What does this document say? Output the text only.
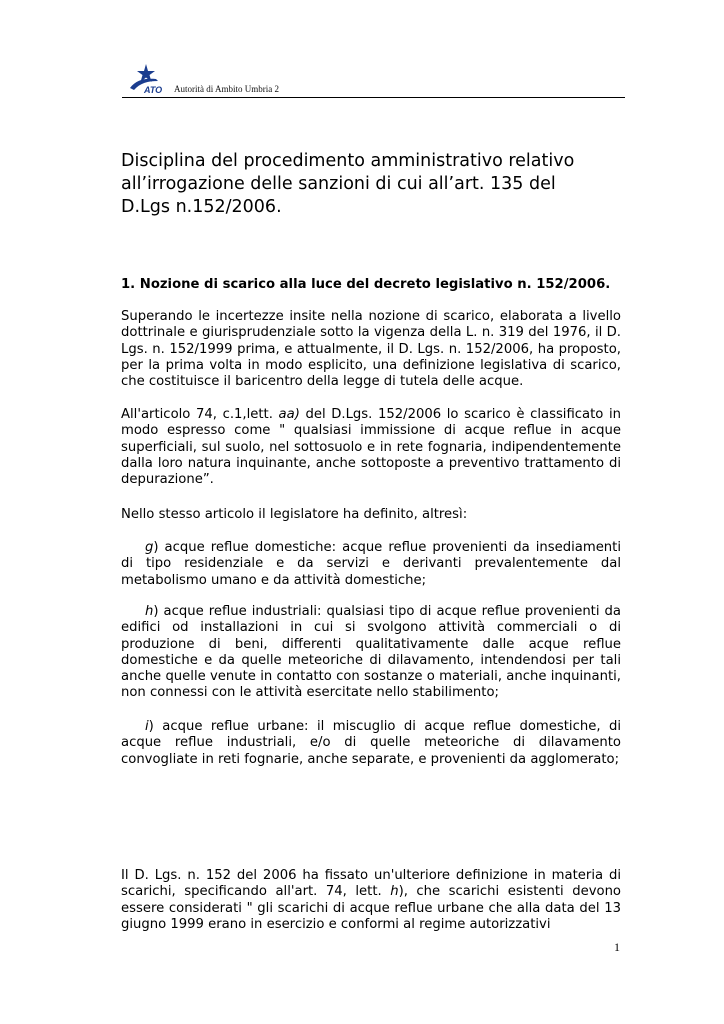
ATO Autorità di Ambito Umbria 2
Disciplina del procedimento amministrativo relativo all’irrogazione delle sanzioni di cui all’art. 135 del D.Lgs n.152/2006.
1. Nozione di scarico alla luce del decreto legislativo n. 152/2006.

Superando le incertezze insite nella nozione di scarico, elaborata a livello dottrinale e giurisprudenziale sotto la vigenza della L. n. 319 del 1976, il D. Lgs. n. 152/1999 prima, e attualmente, il D. Lgs. n. 152/2006, ha proposto, per la prima volta in modo esplicito, una definizione legislativa di scarico, che costituisce il baricentro della legge di tutela delle acque.

All'articolo 74, c.1,lett. aa) del D.Lgs. 152/2006 lo scarico è classificato in modo espresso come " qualsiasi immissione di acque reflue in acque superficiali, sul suolo, nel sottosuolo e in rete fognaria, indipendentemente dalla loro natura inquinante, anche sottoposte a preventivo trattamento di depurazione”.

Nello stesso articolo il legislatore ha definito, altresì:

g) acque reflue domestiche: acque reflue provenienti da insediamenti di tipo residenziale e da servizi e derivanti prevalentemente dal metabolismo umano e da attività domestiche;

h) acque reflue industriali: qualsiasi tipo di acque reflue provenienti da edifici od installazioni in cui si svolgono attività commerciali o di produzione di beni, differenti qualitativamente dalle acque reflue domestiche e da quelle meteoriche di dilavamento, intendendosi per tali anche quelle venute in contatto con sostanze o materiali, anche inquinanti, non connessi con le attività esercitate nello stabilimento;

i) acque reflue urbane: il miscuglio di acque reflue domestiche, di acque reflue industriali, e/o di quelle meteoriche di dilavamento convogliate in reti fognarie, anche separate, e provenienti da agglomerato;

Il D. Lgs. n. 152 del 2006 ha fissato un'ulteriore definizione in materia di scarichi, specificando all'art. 74, lett. h), che scarichi esistenti devono essere considerati " gli scarichi di acque reflue urbane che alla data del 13 giugno 1999 erano in esercizio e conformi al regime autorizzativi

1
